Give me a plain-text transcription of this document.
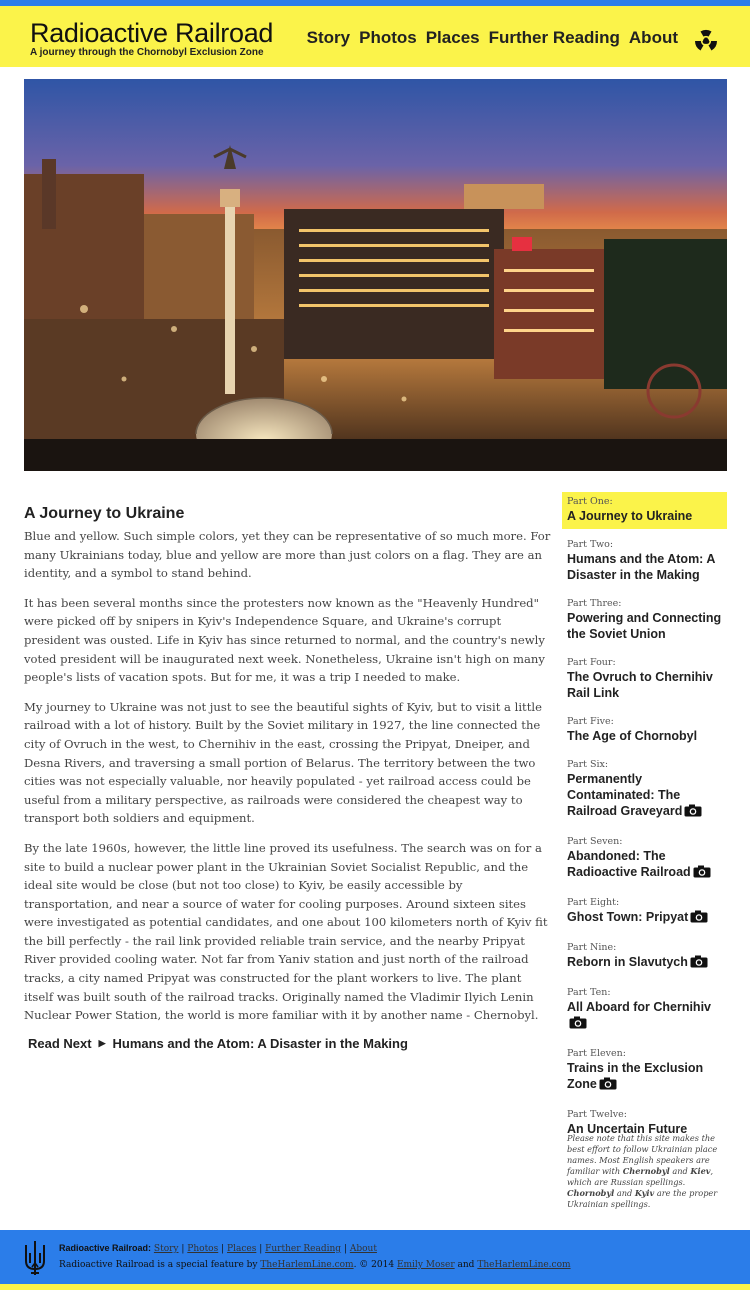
Radioactive Railroad
A journey through the Chornobyl Exclusion Zone
Story Photos Places Further Reading About
A Journey to Ukraine

Blue and yellow. Such simple colors, yet they can be representative of so much more. For many Ukrainians today, blue and yellow are more than just colors on a flag. They are an identity, and a symbol to stand behind.

It has been several months since the protesters now known as the "Heavenly Hundred" were picked off by snipers in Kyiv's Independence Square, and Ukraine's corrupt president was ousted. Life in Kyiv has since returned to normal, and the country's newly voted president will be inaugurated next week. Nonetheless, Ukraine isn't high on many people's lists of vacation spots. But for me, it was a trip I needed to make.

My journey to Ukraine was not just to see the beautiful sights of Kyiv, but to visit a little railroad with a lot of history. Built by the Soviet military in 1927, the line connected the city of Ovruch in the west, to Chernihiv in the east, crossing the Pripyat, Dneiper, and Desna Rivers, and traversing a small portion of Belarus. The territory between the two cities was not especially valuable, nor heavily populated - yet railroad access could be useful from a military perspective, as railroads were considered the cheapest way to transport both soldiers and equipment.

By the late 1960s, however, the little line proved its usefulness. The search was on for a site to build a nuclear power plant in the Ukrainian Soviet Socialist Republic, and the ideal site would be close (but not too close) to Kyiv, be easily accessible by transportation, and near a source of water for cooling purposes. Around sixteen sites were investigated as potential candidates, and one about 100 kilometers north of Kyiv fit the bill perfectly - the rail link provided reliable train service, and the nearby Pripyat River provided cooling water. Not far from Yaniv station and just north of the railroad tracks, a city named Pripyat was constructed for the plant workers to live. The plant itself was built south of the railroad tracks. Originally named the Vladimir Ilyich Lenin Nuclear Power Station, the world is more familiar with it by another name - Chernobyl.

Read Next ▶ Humans and the Atom: A Disaster in the Making
Part One:
A Journey to Ukraine
Part Two:
Humans and the Atom: A Disaster in the Making
Part Three:
Powering and Connecting the Soviet Union
Part Four:
The Ovruch to Chernihiv Rail Link
Part Five:
The Age of Chornobyl
Part Six:
Permanently Contaminated: The Railroad Graveyard
Part Seven:
Abandoned: The Radioactive Railroad
Part Eight:
Ghost Town: Pripyat
Part Nine:
Reborn in Slavutych
Part Ten:
All Aboard for Chernihiv
Part Eleven:
Trains in the Exclusion Zone
Part Twelve:
An Uncertain Future
Please note that this site makes the best effort to follow Ukrainian place names. Most English speakers are familiar with Chernobyl and Kiev, which are Russian spellings. Chornobyl and Kyiv are the proper Ukrainian spellings.
Radioactive Railroad: Story | Photos | Places | Further Reading | About
Radioactive Railroad is a special feature by TheHarlemLine.com. © 2014 Emily Moser and TheHarlemLine.com
